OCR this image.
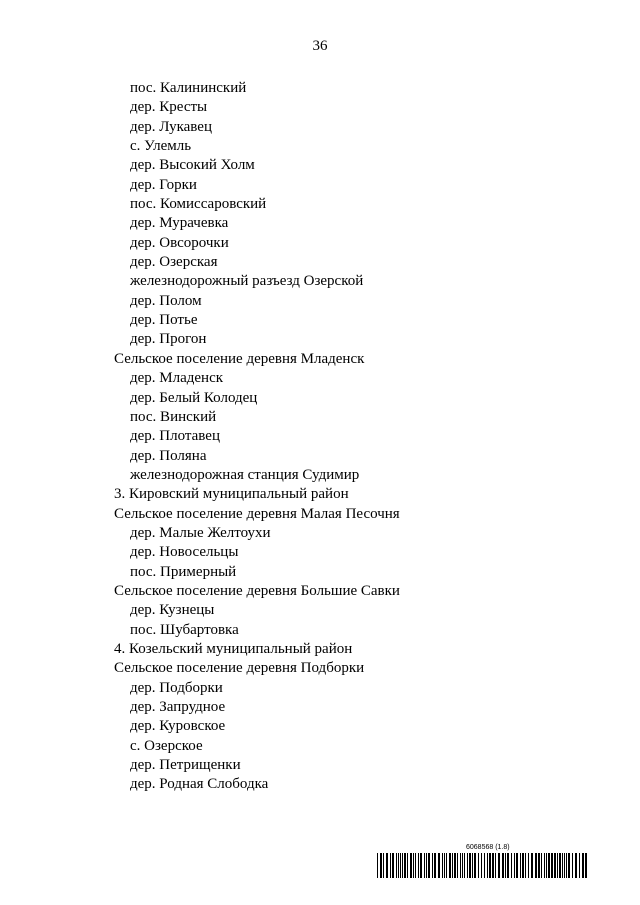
36
пос. Калининский
дер. Кресты
дер. Лукавец
с. Улемль
дер. Высокий Холм
дер. Горки
пос. Комиссаровский
дер. Мурачевка
дер. Овсорочки
дер. Озерская
железнодорожный разъезд Озерской
дер. Полом
дер. Потье
дер. Прогон
Сельское поселение деревня Младенск
дер. Младенск
дер. Белый Колодец
пос. Винский
дер. Плотавец
дер. Поляна
железнодорожная станция Судимир
3. Кировский муниципальный район
Сельское поселение деревня Малая Песочня
дер. Малые Желтоухи
дер. Новосельцы
пос. Примерный
Сельское поселение деревня Большие Савки
дер. Кузнецы
пос. Шубартовка
4. Козельский муниципальный район
Сельское поселение деревня Подборки
дер. Подборки
дер. Запрудное
дер. Куровское
с. Озерское
дер. Петрищенки
дер. Родная Слободка
6068568 (1.8)
